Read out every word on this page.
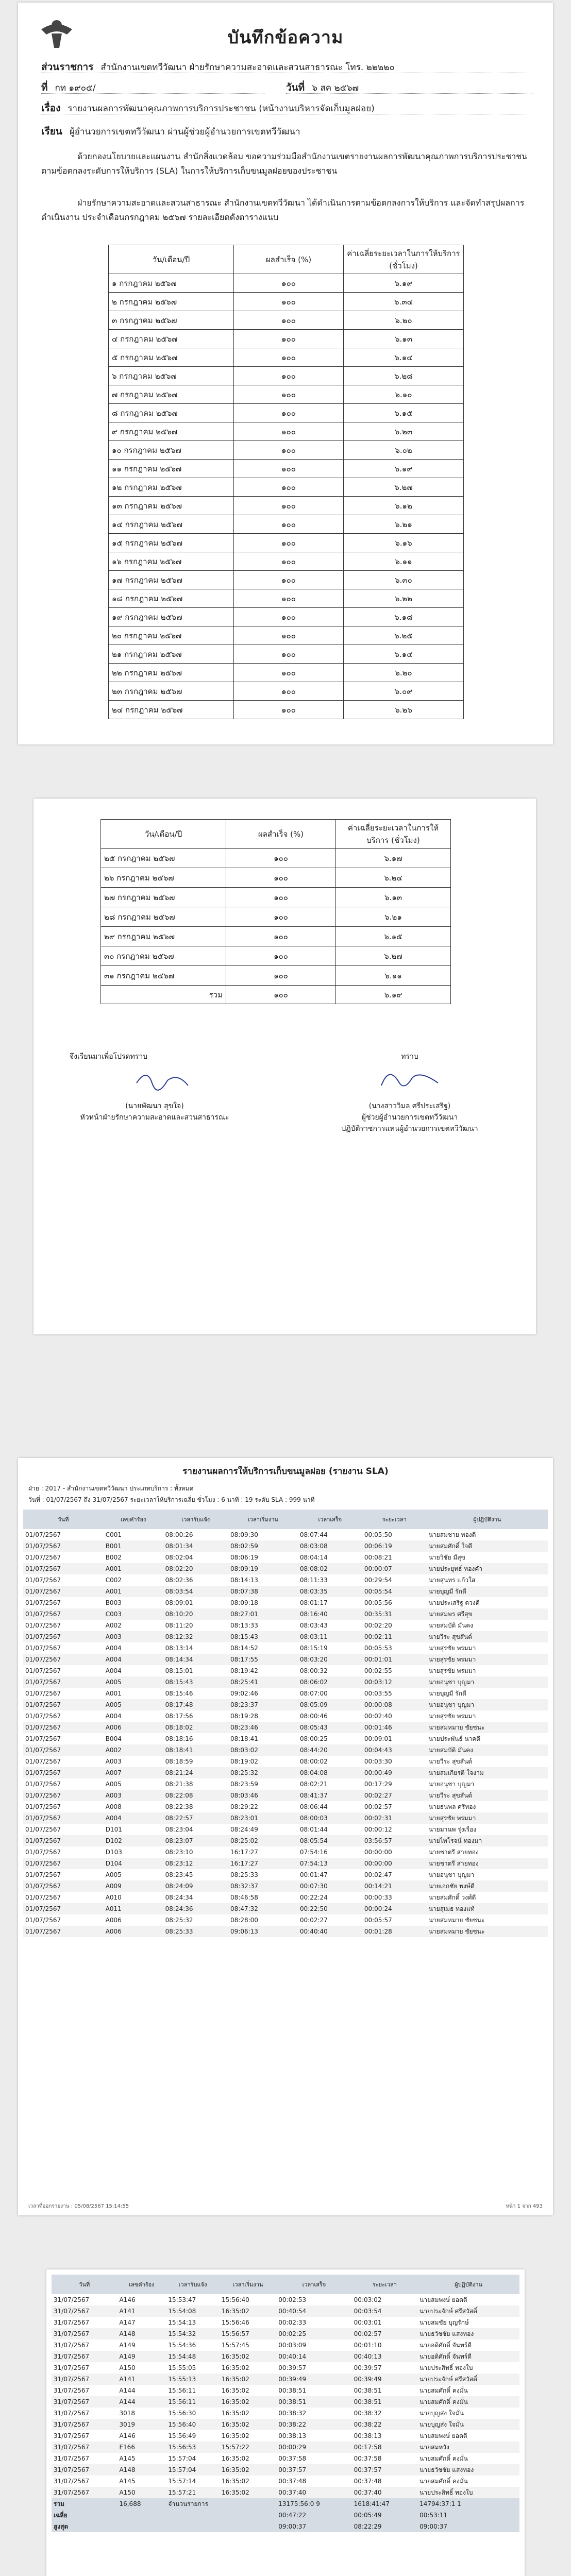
บันทึกข้อความ
ส่วนราชการ สำนักงานเขตทวีวัฒนา ฝ่ายรักษาความสะอาดและสวนสาธารณะ โทร. ๒๒๒๒๐
ที่ กท ๑๙๐๕/	วันที่ ๖ สค ๒๕๖๗
เรื่อง รายงานผลการพัฒนาคุณภาพการบริการประชาชน (หน้างานบริหารจัดเก็บมูลฝอย)
เรียน ผู้อำนวยการเขตทวีวัฒนา ผ่านผู้ช่วยผู้อำนวยการเขตทวีวัฒนา
ด้วยกองนโยบายและแผนงาน สำนักสิ่งแวดล้อม ขอความร่วมมือสำนักงานเขตรายงานผลการพัฒนาคุณภาพการบริการประชาชน ตามข้อตกลงระดับการให้บริการ (SLA) ในการให้บริการเก็บขนมูลฝอยของประชาชน
ฝ่ายรักษาความสะอาดและสวนสาธารณะ สำนักงานเขตทวีวัฒนา ได้ดำเนินการตามข้อตกลงการให้บริการ และจัดทำสรุปผลการดำเนินงาน ประจำเดือนกรกฎาคม ๒๕๖๗ รายละเอียดดังตารางแนบ
วัน/เดือน/ปี	ผลสำเร็จ (%)	ค่าเฉลี่ยระยะเวลาในการให้บริการ (ชั่วโมง)
๑ กรกฎาคม ๒๕๖๗	๑๐๐	๖.๑๙
๒ กรกฎาคม ๒๕๖๗	๑๐๐	๖.๓๔
๓ กรกฎาคม ๒๕๖๗	๑๐๐	๖.๒๐
๔ กรกฎาคม ๒๕๖๗	๑๐๐	๖.๑๓
๕ กรกฎาคม ๒๕๖๗	๑๐๐	๖.๑๔
๖ กรกฎาคม ๒๕๖๗	๑๐๐	๖.๒๘
๗ กรกฎาคม ๒๕๖๗	๑๐๐	๖.๑๐
๘ กรกฎาคม ๒๕๖๗	๑๐๐	๖.๑๕
๙ กรกฎาคม ๒๕๖๗	๑๐๐	๖.๒๓
๑๐ กรกฎาคม ๒๕๖๗	๑๐๐	๖.๐๒
๑๑ กรกฎาคม ๒๕๖๗	๑๐๐	๖.๑๙
๑๒ กรกฎาคม ๒๕๖๗	๑๐๐	๖.๒๗
๑๓ กรกฎาคม ๒๕๖๗	๑๐๐	๖.๑๒
๑๔ กรกฎาคม ๒๕๖๗	๑๐๐	๖.๒๑
๑๕ กรกฎาคม ๒๕๖๗	๑๐๐	๖.๑๖
๑๖ กรกฎาคม ๒๕๖๗	๑๐๐	๖.๑๑
๑๗ กรกฎาคม ๒๕๖๗	๑๐๐	๖.๓๐
๑๘ กรกฎาคม ๒๕๖๗	๑๐๐	๖.๒๒
๑๙ กรกฎาคม ๒๕๖๗	๑๐๐	๖.๑๘
๒๐ กรกฎาคม ๒๕๖๗	๑๐๐	๖.๒๕
๒๑ กรกฎาคม ๒๕๖๗	๑๐๐	๖.๑๔
๒๒ กรกฎาคม ๒๕๖๗	๑๐๐	๖.๒๐
๒๓ กรกฎาคม ๒๕๖๗	๑๐๐	๖.๐๙
๒๔ กรกฎาคม ๒๕๖๗	๑๐๐	๖.๒๖
วัน/เดือน/ปี	ผลสำเร็จ (%)	ค่าเฉลี่ยระยะเวลาในการให้บริการ (ชั่วโมง)
๒๕ กรกฎาคม ๒๕๖๗	๑๐๐	๖.๑๗
๒๖ กรกฎาคม ๒๕๖๗	๑๐๐	๖.๒๔
๒๗ กรกฎาคม ๒๕๖๗	๑๐๐	๖.๑๓
๒๘ กรกฎาคม ๒๕๖๗	๑๐๐	๖.๒๑
๒๙ กรกฎาคม ๒๕๖๗	๑๐๐	๖.๑๕
๓๐ กรกฎาคม ๒๕๖๗	๑๐๐	๖.๒๗
๓๑ กรกฎาคม ๒๕๖๗	๑๐๐	๖.๑๑
รวม	๑๐๐	๖.๑๙
จึงเรียนมาเพื่อโปรดทราบ
(นายพัฒนา สุขใจ)
หัวหน้าฝ่ายรักษาความสะอาดและสวนสาธารณะ
ทราบ
(นางสาววิมล ศรีประเสริฐ)
ผู้ช่วยผู้อำนวยการเขตทวีวัฒนา
ปฏิบัติราชการแทนผู้อำนวยการเขตทวีวัฒนา
รายงานผลการให้บริการเก็บขนมูลฝอย (รายงาน SLA)
ฝ่าย : 2017 - สำนักงานเขตทวีวัฒนา ประเภทบริการ : ทั้งหมด
วันที่ : 01/07/2567 ถึง 31/07/2567 ระยะเวลาให้บริการเฉลี่ย ชั่วโมง : 6 นาที : 19 ระดับ SLA : 999 นาที
วันที่	เลขคำร้อง	เวลารับแจ้ง	เวลาเริ่มงาน	เวลาเสร็จ	ระยะเวลา	ผู้ปฏิบัติงาน
01/07/2567	C001	08:00:26	08:09:30	08:07:44	00:05:50	นายสมชาย ทองดี
01/07/2567	B001	08:01:34	08:02:59	08:03:08	00:06:19	นายสมศักดิ์ ใจดี
01/07/2567	B002	08:02:04	08:06:19	08:04:14	00:08:21	นายวิชัย มีสุข
01/07/2567	A001	08:02:20	08:09:19	08:08:02	00:00:07	นายประยุทธ์ ทองคำ
01/07/2567	C002	08:02:36	08:14:13	08:11:33	00:29:54	นายสุนทร แก้วใส
01/07/2567	A001	08:03:54	08:07:38	08:03:35	00:05:54	นายบุญมี รักดี
01/07/2567	B003	08:09:01	08:09:18	08:01:17	00:05:56	นายประเสริฐ ดวงดี
01/07/2567	C003	08:10:20	08:27:01	08:16:40	00:35:31	นายสมพร ศรีสุข
01/07/2567	A002	08:11:20	08:13:33	08:03:43	00:02:20	นายสมบัติ มั่นคง
01/07/2567	A003	08:12:32	08:15:43	08:03:11	00:02:11	นายวีระ สุขสันต์
01/07/2567	A004	08:13:14	08:14:52	08:15:19	00:05:53	นายสุรชัย พรมมา
01/07/2567	A004	08:14:34	08:17:55	08:03:20	00:01:01	นายสุรชัย พรมมา
01/07/2567	A004	08:15:01	08:19:42	08:00:32	00:02:55	นายสุรชัย พรมมา
01/07/2567	A005	08:15:43	08:25:41	08:06:02	00:03:12	นายอนุชา บุญมา
01/07/2567	A001	08:15:46	09:02:46	08:07:00	00:03:55	นายบุญมี รักดี
01/07/2567	A005	08:17:48	08:23:37	08:05:09	00:00:08	นายอนุชา บุญมา
01/07/2567	A004	08:17:56	08:19:28	08:00:46	00:02:40	นายสุรชัย พรมมา
01/07/2567	A006	08:18:02	08:23:46	08:05:43	00:01:46	นายสมหมาย ชัยชนะ
01/07/2567	B004	08:18:16	08:18:41	08:00:25	00:09:01	นายประพันธ์ นาคดี
01/07/2567	A002	08:18:41	08:03:02	08:44:20	00:04:43	นายสมบัติ มั่นคง
01/07/2567	A003	08:18:59	08:19:02	08:00:02	00:03:30	นายวีระ สุขสันต์
01/07/2567	A007	08:21:24	08:25:32	08:04:08	00:00:49	นายสมเกียรติ ใจงาม
01/07/2567	A005	08:21:38	08:23:59	08:02:21	00:17:29	นายอนุชา บุญมา
01/07/2567	A003	08:22:08	08:03:46	08:41:37	00:02:27	นายวีระ สุขสันต์
01/07/2567	A008	08:22:38	08:29:22	08:06:44	00:02:57	นายธนพล ศรีทอง
01/07/2567	A004	08:22:57	08:23:01	08:00:03	00:02:31	นายสุรชัย พรมมา
01/07/2567	D101	08:23:04	08:24:49	08:01:44	00:00:12	นายมานพ รุ่งเรือง
01/07/2567	D102	08:23:07	08:25:02	08:05:54	03:56:57	นายไพโรจน์ ทองมา
01/07/2567	D103	08:23:10	16:17:27	07:54:16	00:00:00	นายชาตรี สายทอง
01/07/2567	D104	08:23:12	16:17:27	07:54:13	00:00:00	นายชาตรี สายทอง
01/07/2567	A005	08:23:45	08:25:33	00:01:47	00:02:47	นายอนุชา บุญมา
01/07/2567	A009	08:24:09	08:32:37	00:07:30	00:14:21	นายเอกชัย พงษ์ดี
01/07/2567	A010	08:24:34	08:46:58	00:22:24	00:00:33	นายสมศักดิ์ วงศ์ดี
01/07/2567	A011	08:24:36	08:47:32	00:22:50	00:00:24	นายสุเมธ ทองแท้
01/07/2567	A006	08:25:32	08:28:00	00:02:27	00:05:57	นายสมหมาย ชัยชนะ
01/07/2567	A006	08:25:33	09:06:13	00:40:40	00:01:28	นายสมหมาย ชัยชนะ
เวลาที่ออกรายงาน : 05/08/2567 15:14:55	หน้า 1 จาก 493
วันที่	เลขคำร้อง	เวลารับแจ้ง	เวลาเริ่มงาน	เวลาเสร็จ	ระยะเวลา	ผู้ปฏิบัติงาน
31/07/2567	A146	15:53:47	15:56:40	00:02:53	00:03:02	นายสมพงษ์ ยอดดี
31/07/2567	A141	15:54:08	16:35:02	00:40:54	00:03:54	นายประจักษ์ ศรีสวัสดิ์
31/07/2567	A147	15:54:13	15:56:46	00:02:33	00:03:01	นายสมชัย บุญรักษ์
31/07/2567	A148	15:54:32	15:56:57	00:02:25	00:02:57	นายธวัชชัย แสงทอง
31/07/2567	A149	15:54:36	15:57:45	00:03:09	00:01:10	นายอดิศักดิ์ จันทร์ดี
31/07/2567	A149	15:54:48	16:35:02	00:40:14	00:40:13	นายอดิศักดิ์ จันทร์ดี
31/07/2567	A150	15:55:05	16:35:02	00:39:57	00:39:57	นายประสิทธิ์ ทองใบ
31/07/2567	A141	15:55:13	16:35:02	00:39:49	00:39:49	นายประจักษ์ ศรีสวัสดิ์
31/07/2567	A144	15:56:11	16:35:02	00:38:51	00:38:51	นายสมศักดิ์ คงมั่น
31/07/2567	A144	15:56:11	16:35:02	00:38:51	00:38:51	นายสมศักดิ์ คงมั่น
31/07/2567	3018	15:56:30	16:35:02	00:38:32	00:38:32	นายบุญส่ง ใจมั่น
31/07/2567	3019	15:56:40	16:35:02	00:38:22	00:38:22	นายบุญส่ง ใจมั่น
31/07/2567	A146	15:56:49	16:35:02	00:38:13	00:38:13	นายสมพงษ์ ยอดดี
31/07/2567	E166	15:56:53	15:57:22	00:00:29	00:17:58	นายสมหวัง
31/07/2567	A145	15:57:04	16:35:02	00:37:58	00:37:58	นายสมศักดิ์ คงมั่น
31/07/2567	A148	15:57:04	16:35:02	00:37:57	00:37:57	นายธวัชชัย แสงทอง
31/07/2567	A145	15:57:14	16:35:02	00:37:48	00:37:48	นายสมศักดิ์ คงมั่น
31/07/2567	A150	15:57:21	16:35:02	00:37:40	00:37:40	นายประสิทธิ์ ทองใบ
รวม	16,688	จำนวนรายการ		13175:56:0 9	1618:41:47	14794:37:1 1
เฉลี่ย				00:47:22	00:05:49	00:53:11
สูงสุด				09:00:37	08:22:29	09:00:37
